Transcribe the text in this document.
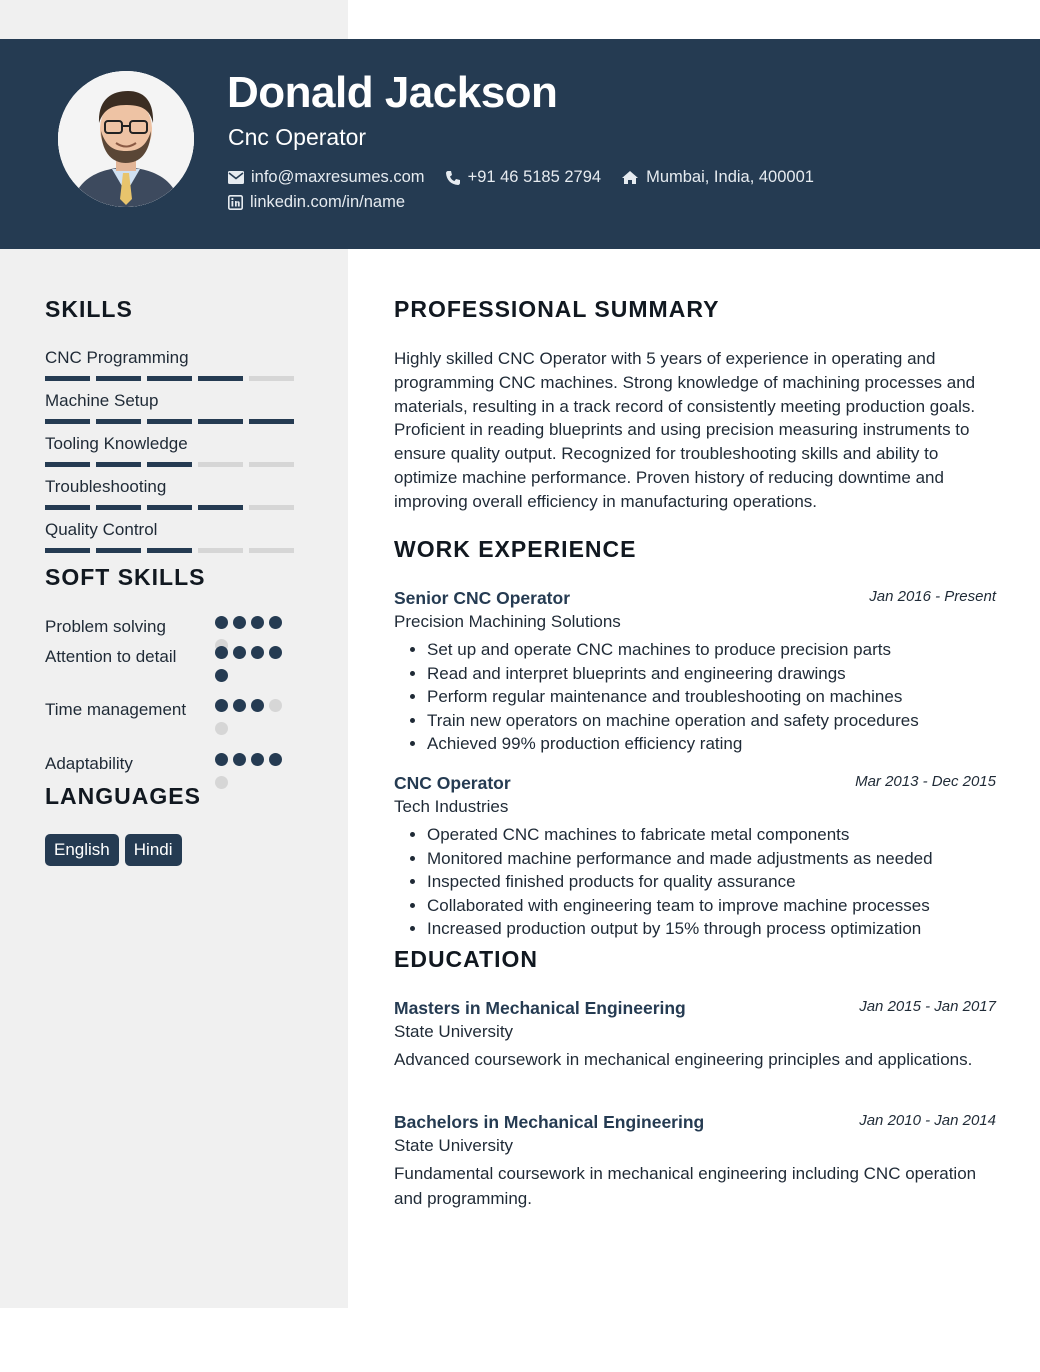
Donald Jackson

Cnc Operator

info@maxresumes.com	+91 46 5185 2794	Mumbai, India, 400001
linkedin.com/in/name
SKILLS
CNC Programming
Machine Setup
Tooling Knowledge
Troubleshooting
Quality Control
SOFT SKILLS
Problem solving
Attention to detail
Time management
Adaptability
LANGUAGES
English	Hindi
PROFESSIONAL SUMMARY

Highly skilled CNC Operator with 5 years of experience in operating and programming CNC machines. Strong knowledge of machining processes and materials, resulting in a track record of consistently meeting production goals. Proficient in reading blueprints and using precision measuring instruments to ensure quality output. Recognized for troubleshooting skills and ability to optimize machine performance. Proven history of reducing downtime and improving overall efficiency in manufacturing operations.

WORK EXPERIENCE
Senior CNC Operator	Jan 2016 - Present
Precision Machining Solutions
• Set up and operate CNC machines to produce precision parts
• Read and interpret blueprints and engineering drawings
• Perform regular maintenance and troubleshooting on machines
• Train new operators on machine operation and safety procedures
• Achieved 99% production efficiency rating
CNC Operator	Mar 2013 - Dec 2015
Tech Industries
• Operated CNC machines to fabricate metal components
• Monitored machine performance and made adjustments as needed
• Inspected finished products for quality assurance
• Collaborated with engineering team to improve machine processes
• Increased production output by 15% through process optimization
EDUCATION
Masters in Mechanical Engineering	Jan 2015 - Jan 2017
State University
Advanced coursework in mechanical engineering principles and applications.
Bachelors in Mechanical Engineering	Jan 2010 - Jan 2014
State University
Fundamental coursework in mechanical engineering including CNC operation and programming.
